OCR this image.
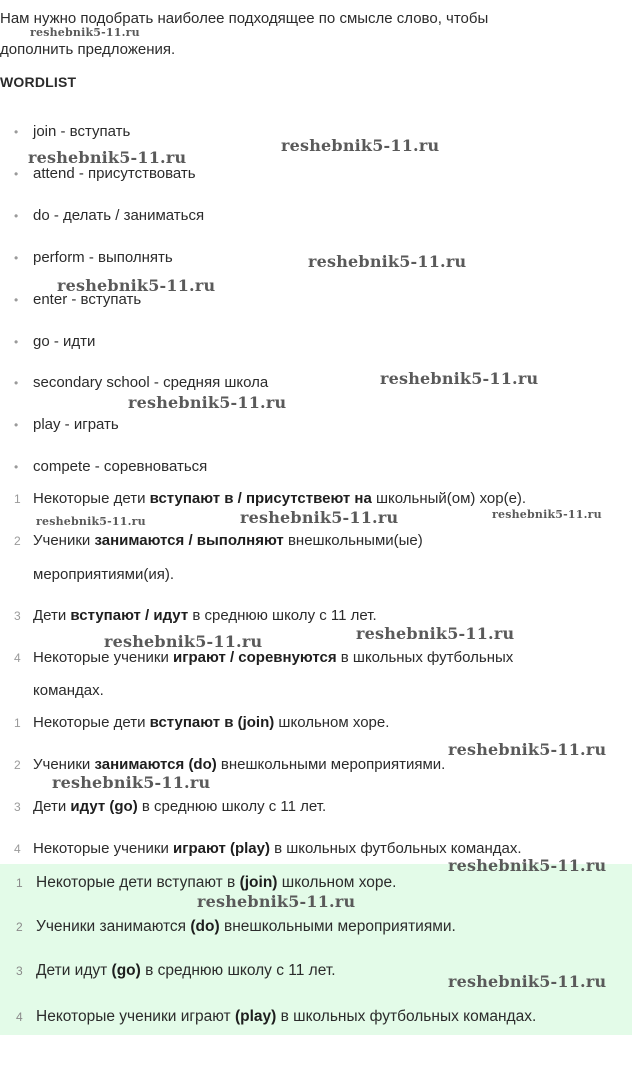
Нам нужно подобрать наиболее подходящее по смысле слово, чтобы
дополнить предложения.
WORDLIST
• join - вступать
• attend - присутствовать
• do - делать / заниматься
• perform - выполнять
• enter - вступать
• go - идти
• secondary school - средняя школа
• play - играть
• compete - соревноваться
1 Некоторые дети вступают в / присутствеют на школьный(ом) хор(е).
2 Ученики занимаются / выполняют внешкольными(ые)
мероприятиями(ия).
3 Дети вступают / идут в среднюю школу с 11 лет.
4 Некоторые ученики играют / соревнуются в школьных футбольных
командах.
1 Некоторые дети вступают в (join) школьном хоре.
2 Ученики занимаются (do) внешкольными мероприятиями.
3 Дети идут (go) в среднюю школу с 11 лет.
4 Некоторые ученики играют (play) в школьных футбольных командах.
1 Некоторые дети вступают в (join) школьном хоре.
2 Ученики занимаются (do) внешкольными мероприятиями.
3 Дети идут (go) в среднюю школу с 11 лет.
4 Некоторые ученики играют (play) в школьных футбольных командах.
reshebnik5-11.ru
reshebnik5-11.ru
reshebnik5-11.ru
reshebnik5-11.ru
reshebnik5-11.ru
reshebnik5-11.ru
reshebnik5-11.ru
reshebnik5-11.ru	reshebnik5-11.ru	reshebnik5-11.ru
reshebnik5-11.ru	reshebnik5-11.ru
reshebnik5-11.ru
reshebnik5-11.ru
reshebnik5-11.ru
reshebnik5-11.ru
reshebnik5-11.ru
